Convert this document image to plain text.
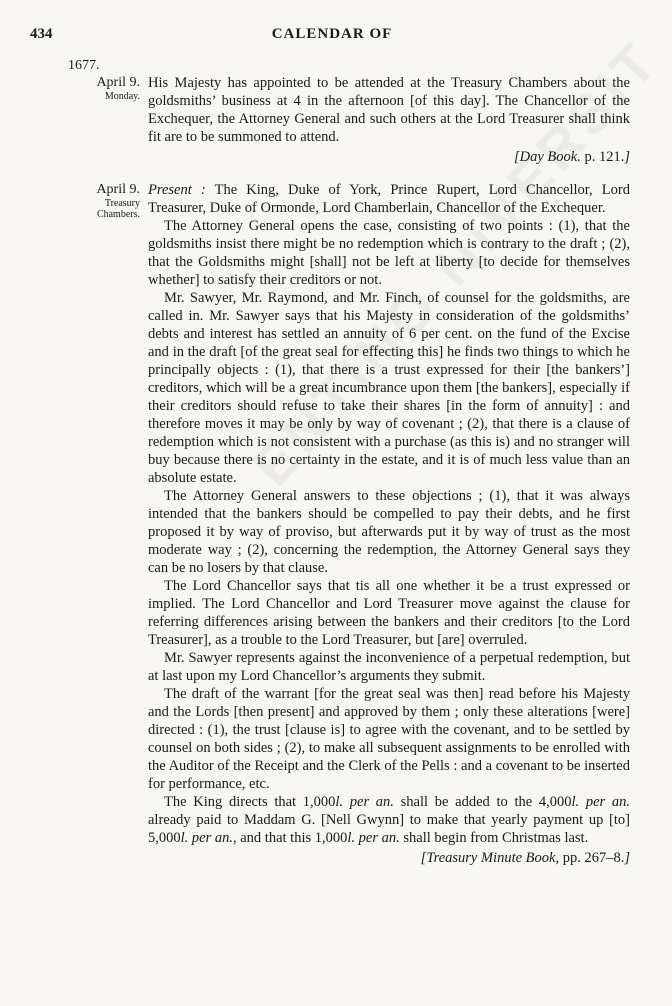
434	CALENDAR OF
1677.
April 9.
Monday.

His Majesty has appointed to be attended at the Treasury Chambers about the goldsmiths’ business at 4 in the afternoon [of this day]. The Chancellor of the Exchequer, the Attorney General and such others at the Lord Treasurer shall think fit are to be summoned to attend.

[Day Book. p. 121.]
April 9.
Treasury
Chambers.

Present : The King, Duke of York, Prince Rupert, Lord Chancellor, Lord Treasurer, Duke of Ormonde, Lord Chamberlain, Chancellor of the Exchequer.

The Attorney General opens the case, consisting of two points : (1), that the goldsmiths insist there might be no redemption which is contrary to the draft ; (2), that the Goldsmiths might [shall] not be left at liberty [to decide for themselves whether] to satisfy their creditors or not.

Mr. Sawyer, Mr. Raymond, and Mr. Finch, of counsel for the goldsmiths, are called in. Mr. Sawyer says that his Majesty in consideration of the goldsmiths’ debts and interest has settled an annuity of 6 per cent. on the fund of the Excise and in the draft [of the great seal for effecting this] he finds two things to which he principally objects : (1), that there is a trust expressed for their [the bankers’] creditors, which will be a great incumbrance upon them [the bankers], especially if their creditors should refuse to take their shares [in the form of annuity] : and therefore moves it may be only by way of covenant ; (2), that there is a clause of redemption which is not consistent with a purchase (as this is) and no stranger will buy because there is no certainty in the estate, and it is of much less value than an absolute estate.

The Attorney General answers to these objections ; (1), that it was always intended that the bankers should be compelled to pay their debts, and he first proposed it by way of proviso, but afterwards put it by way of trust as the most moderate way ; (2), concerning the redemption, the Attorney General says they can be no losers by that clause.

The Lord Chancellor says that tis all one whether it be a trust expressed or implied. The Lord Chancellor and Lord Treasurer move against the clause for referring differences arising between the bankers and their creditors [to the Lord Treasurer], as a trouble to the Lord Treasurer, but [are] overruled.

Mr. Sawyer represents against the inconvenience of a perpetual redemption, but at last upon my Lord Chancellor’s arguments they submit.

The draft of the warrant [for the great seal was then] read before his Majesty and the Lords [then present] and approved by them ; only these alterations [were] directed : (1), the trust [clause is] to agree with the covenant, and to be settled by counsel on both sides ; (2), to make all subsequent assignments to be enrolled with the Auditor of the Receipt and the Clerk of the Pells : and a covenant to be inserted for performance, etc.

The King directs that 1,000l. per an. shall be added to the 4,000l. per an. already paid to Maddam G. [Nell Gwynn] to make that yearly payment up [to] 5,000l. per an., and that this 1,000l. per an. shall begin from Christmas last.

[Treasury Minute Book, pp. 267–8.]
